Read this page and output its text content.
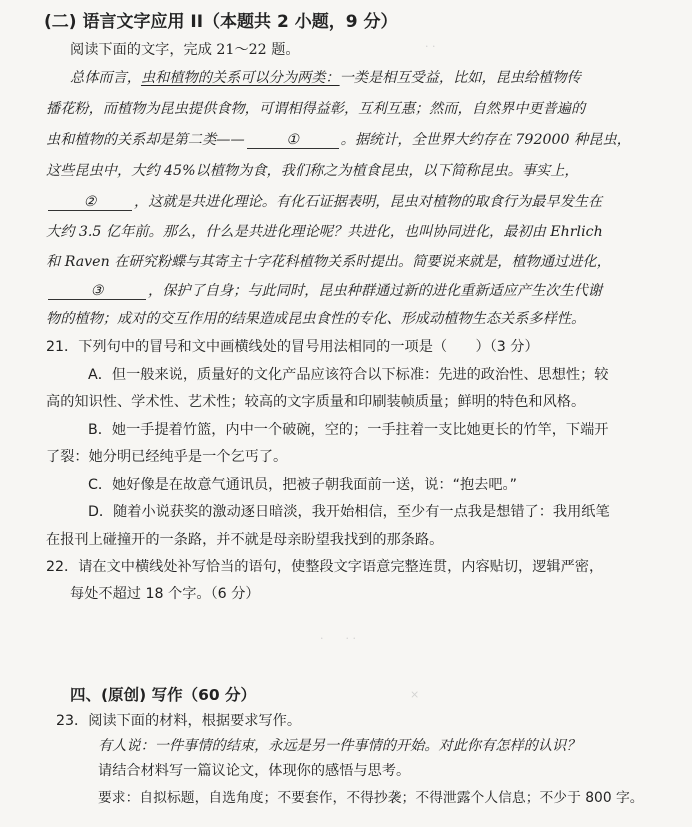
(二) 语言文字应用 II（本题共 2 小题，9 分）
阅读下面的文字，完成 21～22 题。
总体而言，虫和植物的关系可以分为两类：一类是相互受益，比如，昆虫给植物传
播花粉，而植物为昆虫提供食物，可谓相得益彰，互利互惠；然而，自然界中更普遍的
虫和植物的关系却是第二类——	①	。据统计，全世界大约存在 792000 种昆虫，
这些昆虫中，大约 45%以植物为食，我们称之为植食昆虫，以下简称昆虫。事实上，
②	，这就是共进化理论。有化石证据表明，昆虫对植物的取食行为最早发生在
大约 3.5 亿年前。那么，什么是共进化理论呢？共进化，也叫协同进化，最初由 Ehrlich
和 Raven 在研究粉蝶与其寄主十字花科植物关系时提出。简要说来就是，植物通过进化，
③	，保护了自身；与此同时，昆虫种群通过新的进化重新适应产生次生代谢
物的植物；成对的交互作用的结果造成昆虫食性的专化、形成动植物生态关系多样性。
21．下列句中的冒号和文中画横线处的冒号用法相同的一项是（　　）（3 分）
A．但一般来说，质量好的文化产品应该符合以下标准：先进的政治性、思想性；较
高的知识性、学术性、艺术性；较高的文字质量和印刷装帧质量；鲜明的特色和风格。
B．她一手提着竹篮，内中一个破碗，空的；一手拄着一支比她更长的竹竿，下端开
了裂：她分明已经纯乎是一个乞丐了。
C．她好像是在故意气通讯员，把被子朝我面前一送，说：“抱去吧。”
D．随着小说获奖的激动逐日暗淡，我开始相信，至少有一点我是想错了：我用纸笔
在报刊上碰撞开的一条路，并不就是母亲盼望我找到的那条路。
22．请在文中横线处补写恰当的语句，使整段文字语意完整连贯，内容贴切，逻辑严密，
每处不超过 18 个字。（6 分）
· ·
·　　· ·
×
四、(原创) 写作（60 分）
23．阅读下面的材料，根据要求写作。
有人说：一件事情的结束，永远是另一件事情的开始。对此你有怎样的认识？
请结合材料写一篇议论文，体现你的感悟与思考。
要求：自拟标题，自选角度；不要套作，不得抄袭；不得泄露个人信息；不少于 800 字。
